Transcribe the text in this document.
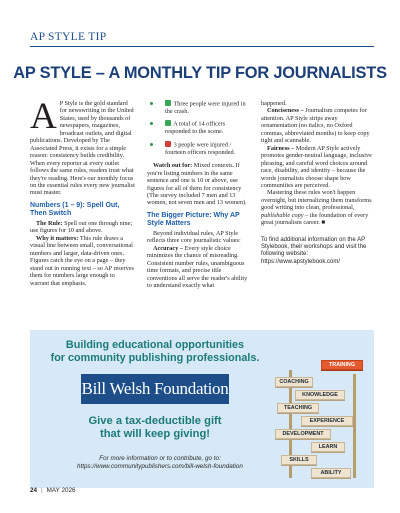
AP STYLE TIP
AP STYLE – A MONTHLY TIP FOR JOURNALISTS

A P Style is the gold standard for newswriting in the United States, used by thousands of newspapers, magazines, broadcast outlets, and digital publications. Developed by The Associated Press, it exists for a simple reason: consistency builds credibility. When every reporter at every outlet follows the same rules, readers trust what they're reading. Here's our monthly focus on the essential rules every new journalist must master.

Numbers (1 – 9): Spell Out, Then Switch

The Rule: Spell out one through nine; use figures for 10 and above.

Why it matters: This rule draws a visual line between small, conversational numbers and larger, data-driven ones. Figures catch the eye on a page – they stand out in running text – so AP reserves them for numbers large enough to warrant that emphasis.

Three people were injured in the crash.
A total of 14 officers responded to the scene.
3 people were injured / fourteen officers responded.

Watch out for: Mixed contexts. If you're listing numbers in the same sentence and one is 10 or above, use figures for all of them for consistency (The survey included 7 men and 13 women, not seven men and 13 women).

The Bigger Picture: Why AP Style Matters

Beyond individual rules, AP Style reflects three core journalistic values:

Accuracy – Every style choice minimizes the chance of misreading. Consistent number rules, unambiguous time formats, and precise title conventions all serve the reader's ability to understand exactly what

happened.

Conciseness – Journalism competes for attention. AP Style strips away ornamentation (no italics, no Oxford commas, abbreviated months) to keep copy tight and scannable.

Fairness – Modern AP Style actively promotes gender-neutral language, inclusive phrasing, and careful word choices around race, disability, and identity – because the words journalists choose shape how communities are perceived.

Mastering these rules won't happen overnight, but internalizing them transforms good writing into clean, professional, publishable copy – the foundation of every great journalism career. ■

To find additional information on the AP Stylebook, their workshops and visit the following website: https://www.apstylebook.com/
Building educational opportunities
for community publishing professionals.
Bill Welsh Foundation
Give a tax-deductible gift
that will keep giving!
For more information or to contribute, go to:
https://www.communitypublishers.com/bill-welsh-foundation
TRAINING
COACHING
KNOWLEDGE
TEACHING
EXPERIENCE
DEVELOPMENT
LEARN
SKILLS
ABILITY
24 | MAY 2026
